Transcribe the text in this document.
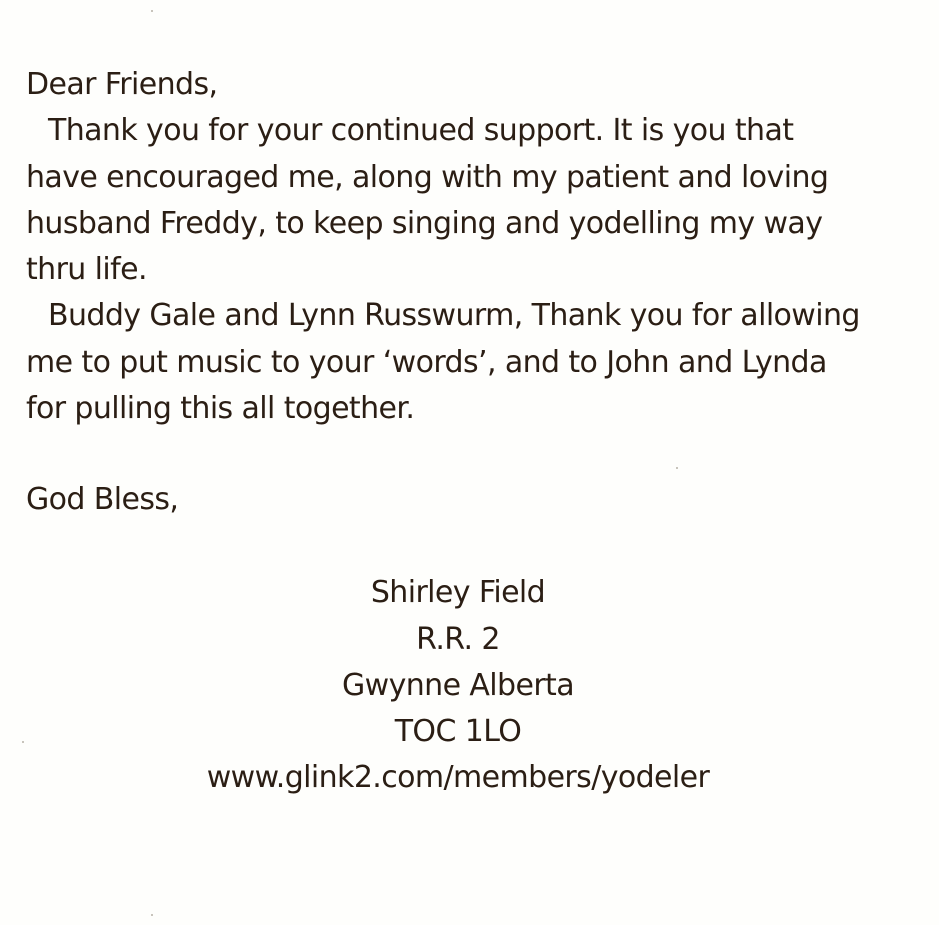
Dear Friends,
Thank you for your continued support. It is you that
have encouraged me, along with my patient and loving
husband Freddy, to keep singing and yodelling my way
thru life.
Buddy Gale and Lynn Russwurm, Thank you for allowing
me to put music to your ‘words’, and to John and Lynda
for pulling this all together.
God Bless,
Shirley Field
R.R. 2
Gwynne Alberta
TOC 1LO
www.glink2.com/members/yodeler
